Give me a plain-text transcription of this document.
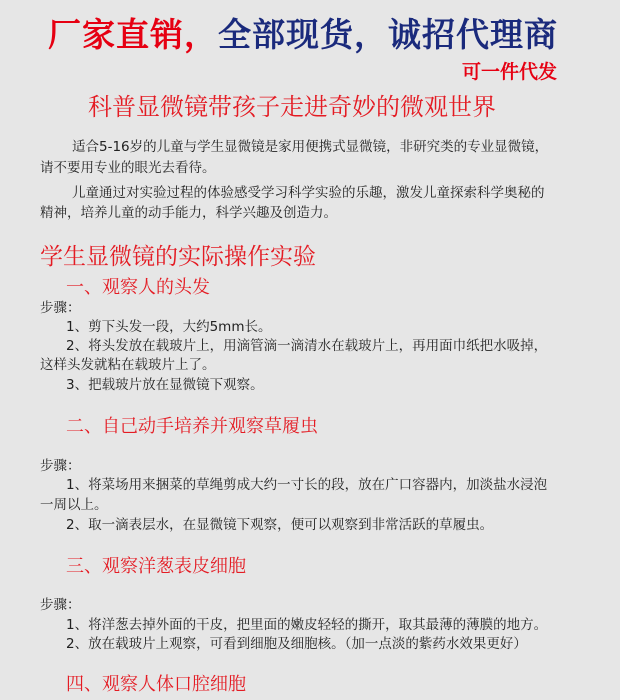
厂家直销，全部现货，诚招代理商
可一件代发
科普显微镜带孩子走进奇妙的微观世界
适合5-16岁的儿童与学生显微镜是家用便携式显微镜，非研究类的专业显微镜，
请不要用专业的眼光去看待。
儿童通过对实验过程的体验感受学习科学实验的乐趣，激发儿童探索科学奥秘的
精神，培养儿童的动手能力，科学兴趣及创造力。
学生显微镜的实际操作实验
一、观察人的头发
步骤：
1、剪下头发一段，大约5mm长。
2、将头发放在载玻片上，用滴管滴一滴清水在载玻片上，再用面巾纸把水吸掉，
这样头发就粘在载玻片上了。
3、把载玻片放在显微镜下观察。
二、自己动手培养并观察草履虫
步骤：
1、将菜场用来捆菜的草绳剪成大约一寸长的段，放在广口容器内，加淡盐水浸泡
一周以上。
2、取一滴表层水，在显微镜下观察，便可以观察到非常活跃的草履虫。
三、观察洋葱表皮细胞
步骤：
1、将洋葱去掉外面的干皮，把里面的嫩皮轻轻的撕开，取其最薄的薄膜的地方。
2、放在载玻片上观察，可看到细胞及细胞核。（加一点淡的紫药水效果更好）
四、观察人体口腔细胞
